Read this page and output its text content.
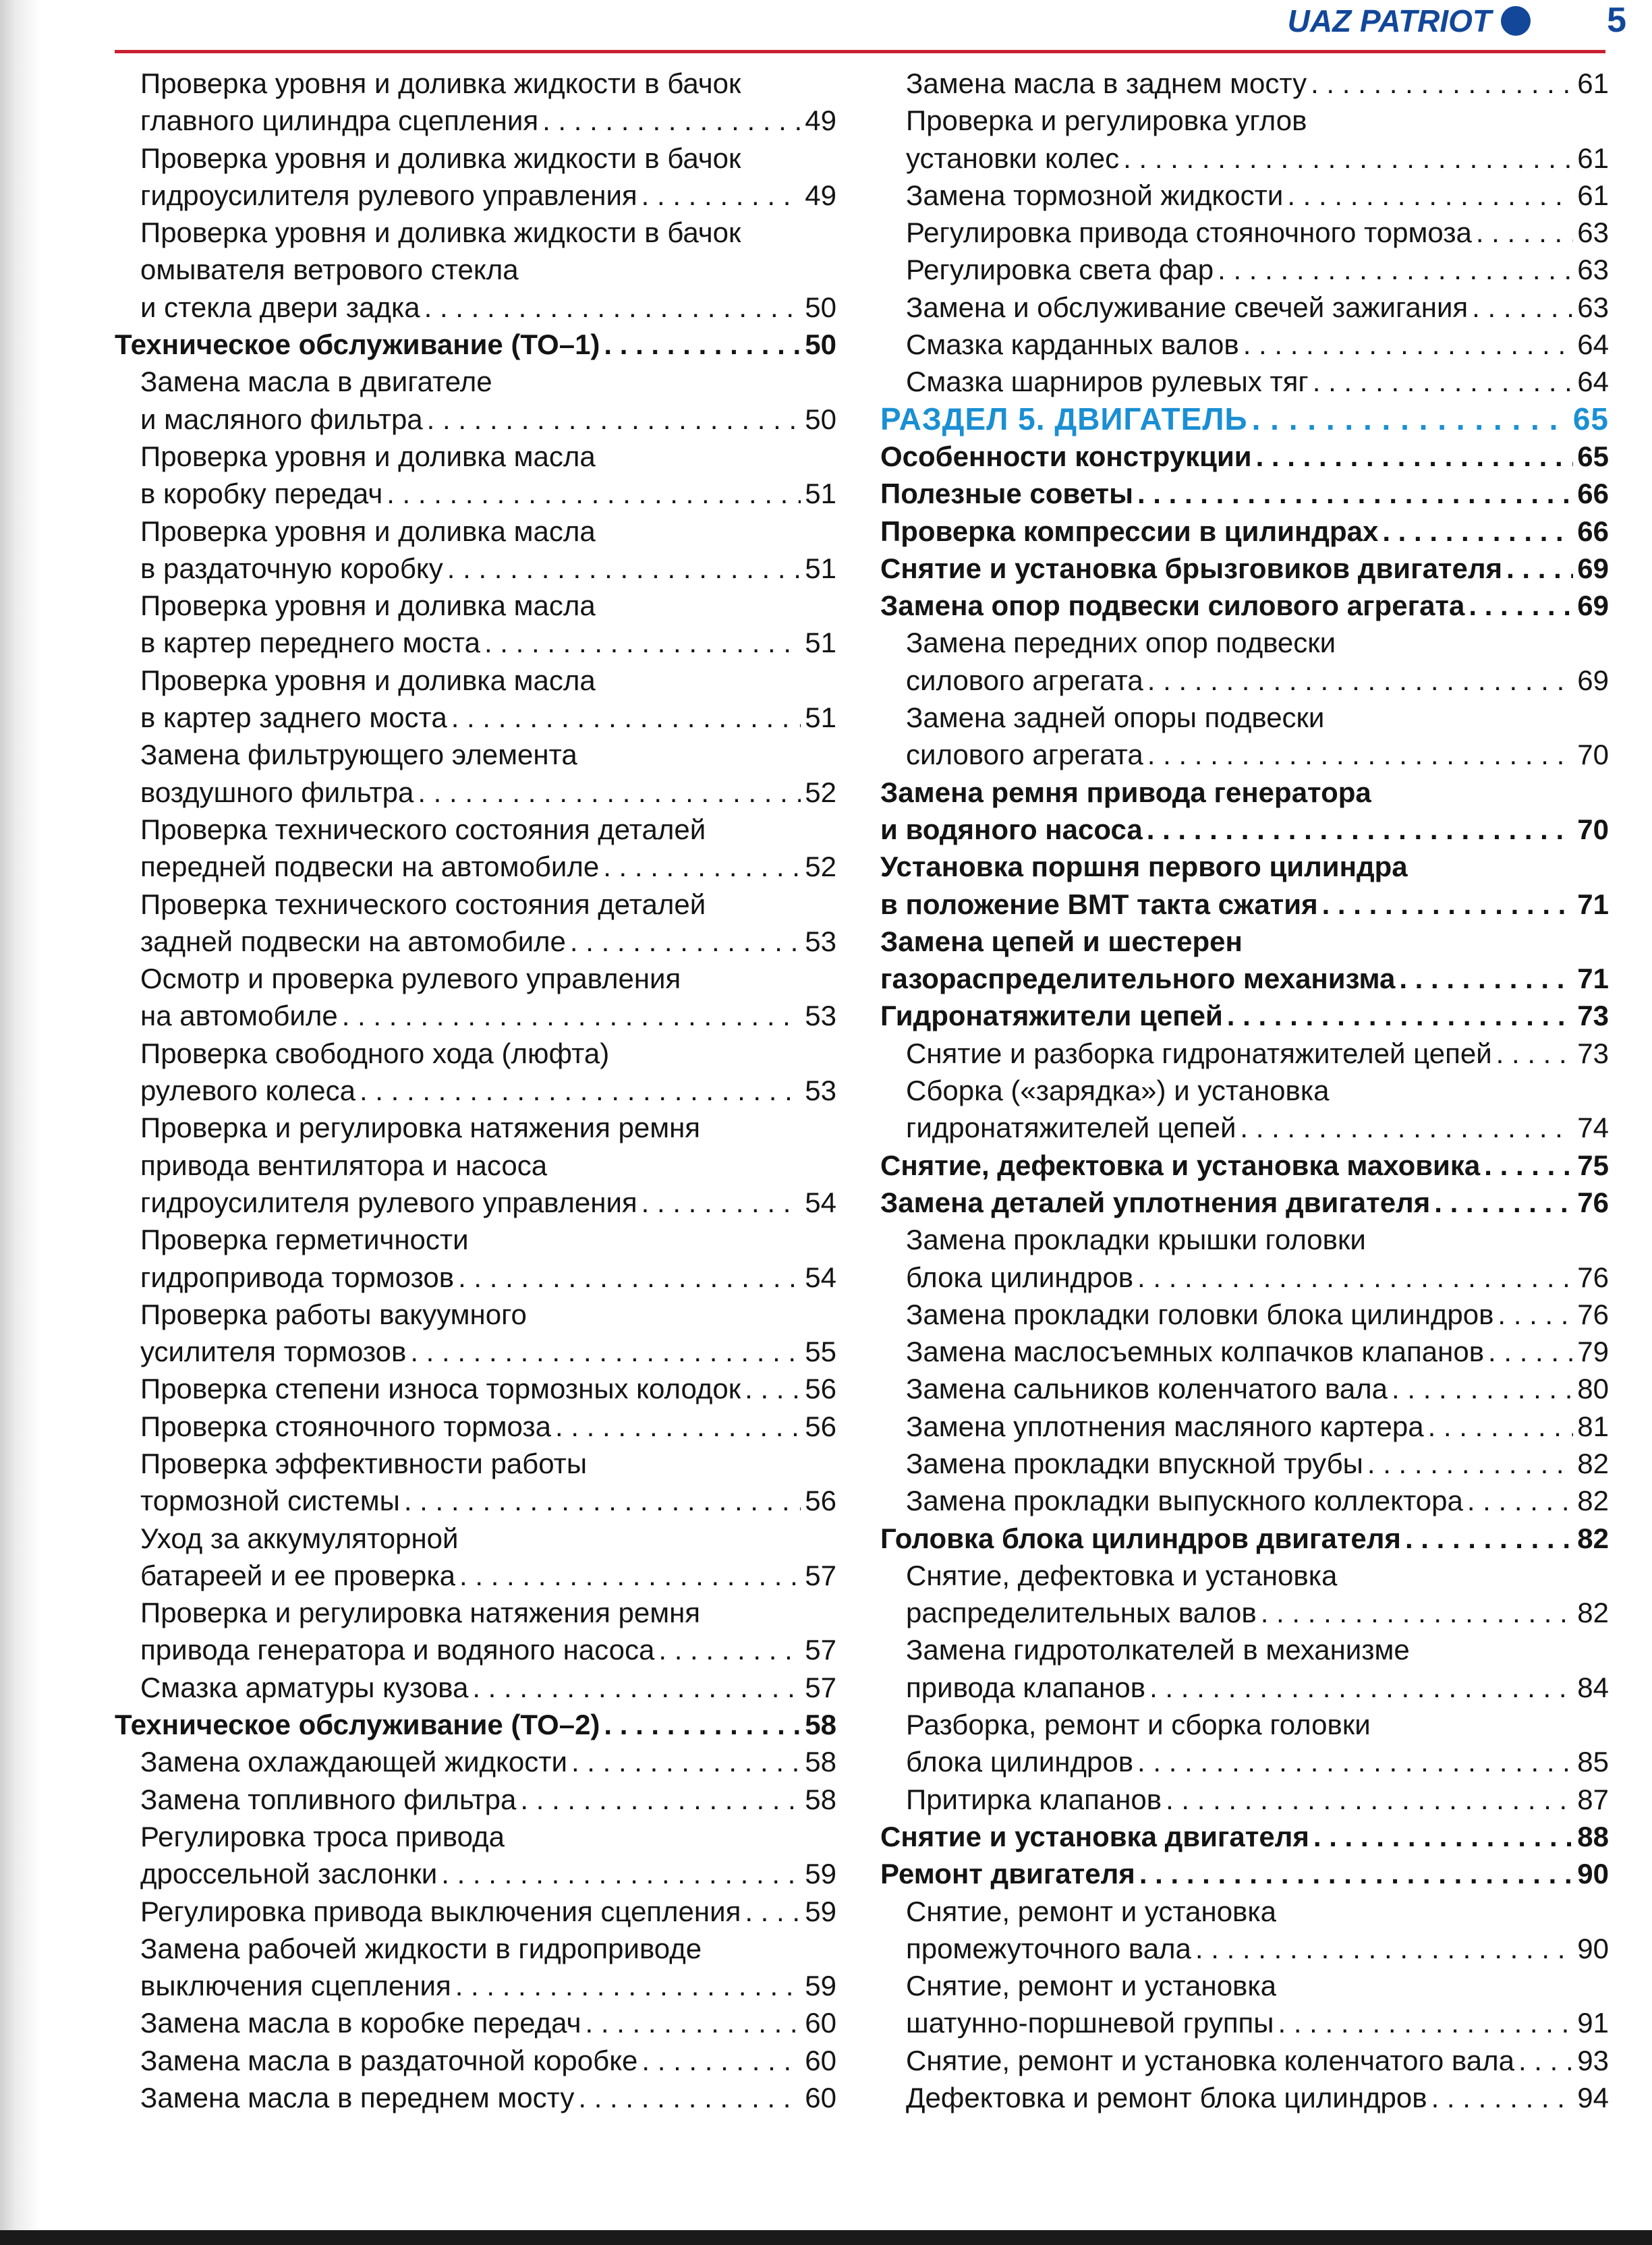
UAZ PATRIOT	5
Проверка уровня и доливка жидкости в бачок
главного цилиндра сцепления . . .	49
Проверка уровня и доливка жидкости в бачок
гидроусилителя рулевого управления . . .	49
Проверка уровня и доливка жидкости в бачок
омывателя ветрового стекла
и стекла двери задка . . .	50
Техническое обслуживание (ТО–1) . . .	50
Замена масла в двигателе
и масляного фильтра . . .	50
Проверка уровня и доливка масла
в коробку передач . . .	51
Проверка уровня и доливка масла
в раздаточную коробку . . .	51
Проверка уровня и доливка масла
в картер переднего моста . . .	51
Проверка уровня и доливка масла
в картер заднего моста . . .	51
Замена фильтрующего элемента
воздушного фильтра . . .	52
Проверка технического состояния деталей
передней подвески на автомобиле . . .	52
Проверка технического состояния деталей
задней подвески на автомобиле . . .	53
Осмотр и проверка рулевого управления
на автомобиле . . .	53
Проверка свободного хода (люфта)
рулевого колеса . . .	53
Проверка и регулировка натяжения ремня
привода вентилятора и насоса
гидроусилителя рулевого управления . . .	54
Проверка герметичности
гидропривода тормозов . . .	54
Проверка работы вакуумного
усилителя тормозов . . .	55
Проверка степени износа тормозных колодок . . . 56
Проверка стояночного тормоза . . .	56
Проверка эффективности работы
тормозной системы . . .	56
Уход за аккумуляторной
батареей и ее проверка . . .	57
Проверка и регулировка натяжения ремня
привода генератора и водяного насоса . . .	57
Смазка арматуры кузова . . .	57
Техническое обслуживание (ТО–2) . . .	58
Замена охлаждающей жидкости . . .	58
Замена топливного фильтра . . .	58
Регулировка троса привода
дроссельной заслонки . . .	59
Регулировка привода выключения сцепления . . . 59
Замена рабочей жидкости в гидроприводе
выключения сцепления . . .	59
Замена масла в коробке передач . . .	60
Замена масла в раздаточной коробке . . .	60
Замена масла в переднем мосту . . .	60
Замена масла в заднем мосту . . .	61
Проверка и регулировка углов
установки колес . . .	61
Замена тормозной жидкости . . .	61
Регулировка привода стояночного тормоза . . .	63
Регулировка света фар . . .	63
Замена и обслуживание свечей зажигания . . .	63
Смазка карданных валов . . .	64
Смазка шарниров рулевых тяг . . .	64
РАЗДЕЛ 5. ДВИГАТЕЛЬ . . .	65
Особенности конструкции . . .	65
Полезные советы . . .	66
Проверка компрессии в цилиндрах . . .	66
Снятие и установка брызговиков двигателя . . .	69
Замена опор подвески силового агрегата . . .	69
Замена передних опор подвески
силового агрегата . . .	69
Замена задней опоры подвески
силового агрегата . . .	70
Замена ремня привода генератора
и водяного насоса . . .	70
Установка поршня первого цилиндра
в положение ВМТ такта сжатия . . .	71
Замена цепей и шестерен
газораспределительного механизма . . .	71
Гидронатяжители цепей . . .	73
Снятие и разборка гидронатяжителей цепей . . .	73
Сборка («зарядка») и установка
гидронатяжителей цепей . . .	74
Снятие, дефектовка и установка маховика . . .	75
Замена деталей уплотнения двигателя . . .	76
Замена прокладки крышки головки
блока цилиндров . . .	76
Замена прокладки головки блока цилиндров . . .	76
Замена маслосъемных колпачков клапанов . . .	79
Замена сальников коленчатого вала . . .	80
Замена уплотнения масляного картера . . .	81
Замена прокладки впускной трубы . . .	82
Замена прокладки выпускного коллектора . . .	82
Головка блока цилиндров двигателя . . .	82
Снятие, дефектовка и установка
распределительных валов . . .	82
Замена гидротолкателей в механизме
привода клапанов . . .	84
Разборка, ремонт и сборка головки
блока цилиндров . . .	85
Притирка клапанов . . .	87
Снятие и установка двигателя . . .	88
Ремонт двигателя . . .	90
Снятие, ремонт и установка
промежуточного вала . . .	90
Снятие, ремонт и установка
шатунно-поршневой группы . . .	91
Снятие, ремонт и установка коленчатого вала . . . 93
Дефектовка и ремонт блока цилиндров . . .	94
